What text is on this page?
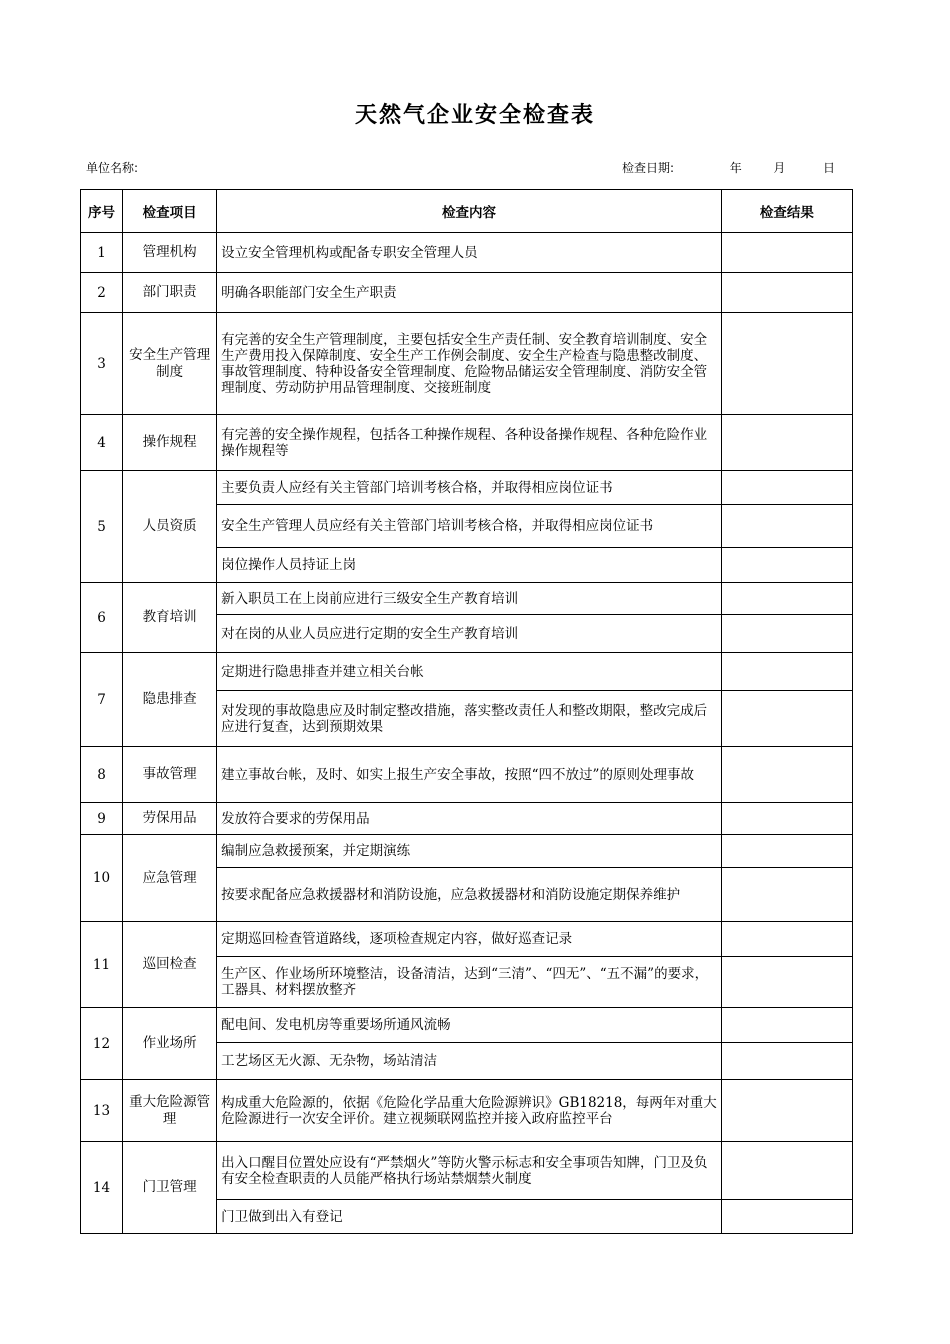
天然气企业安全检查表
单位名称:	检查日期:	年	月	日
序号	检查项目	检查内容	检查结果
1	管理机构	设立安全管理机构或配备专职安全管理人员	
2	部门职责	明确各职能部门安全生产职责	
3	安全生产管理制度	有完善的安全生产管理制度，主要包括安全生产责任制、安全教育培训制度、安全生产费用投入保障制度、安全生产工作例会制度、安全生产检查与隐患整改制度、事故管理制度、特种设备安全管理制度、危险物品储运安全管理制度、消防安全管理制度、劳动防护用品管理制度、交接班制度	
4	操作规程	有完善的安全操作规程，包括各工种操作规程、各种设备操作规程、各种危险作业操作规程等	
5	人员资质	主要负责人应经有关主管部门培训考核合格，并取得相应岗位证书	
		安全生产管理人员应经有关主管部门培训考核合格，并取得相应岗位证书	
		岗位操作人员持证上岗	
6	教育培训	新入职员工在上岗前应进行三级安全生产教育培训	
		对在岗的从业人员应进行定期的安全生产教育培训	
7	隐患排查	定期进行隐患排查并建立相关台帐	
		对发现的事故隐患应及时制定整改措施，落实整改责任人和整改期限，整改完成后应进行复查，达到预期效果	
8	事故管理	建立事故台帐，及时、如实上报生产安全事故，按照“四不放过”的原则处理事故	
9	劳保用品	发放符合要求的劳保用品	
10	应急管理	编制应急救援预案，并定期演练	
		按要求配备应急救援器材和消防设施，应急救援器材和消防设施定期保养维护	
11	巡回检查	定期巡回检查管道路线，逐项检查规定内容，做好巡查记录	
		生产区、作业场所环境整洁，设备清洁，达到“三清”、“四无”、“五不漏”的要求，工器具、材料摆放整齐	
12	作业场所	配电间、发电机房等重要场所通风流畅	
		工艺场区无火源、无杂物，场站清洁	
13	重大危险源管理	构成重大危险源的，依据《危险化学品重大危险源辨识》GB18218，每两年对重大危险源进行一次安全评价。建立视频联网监控并接入政府监控平台	
14	门卫管理	出入口醒目位置处应设有“严禁烟火”等防火警示标志和安全事项告知牌，门卫及负有安全检查职责的人员能严格执行场站禁烟禁火制度	
		门卫做到出入有登记	
